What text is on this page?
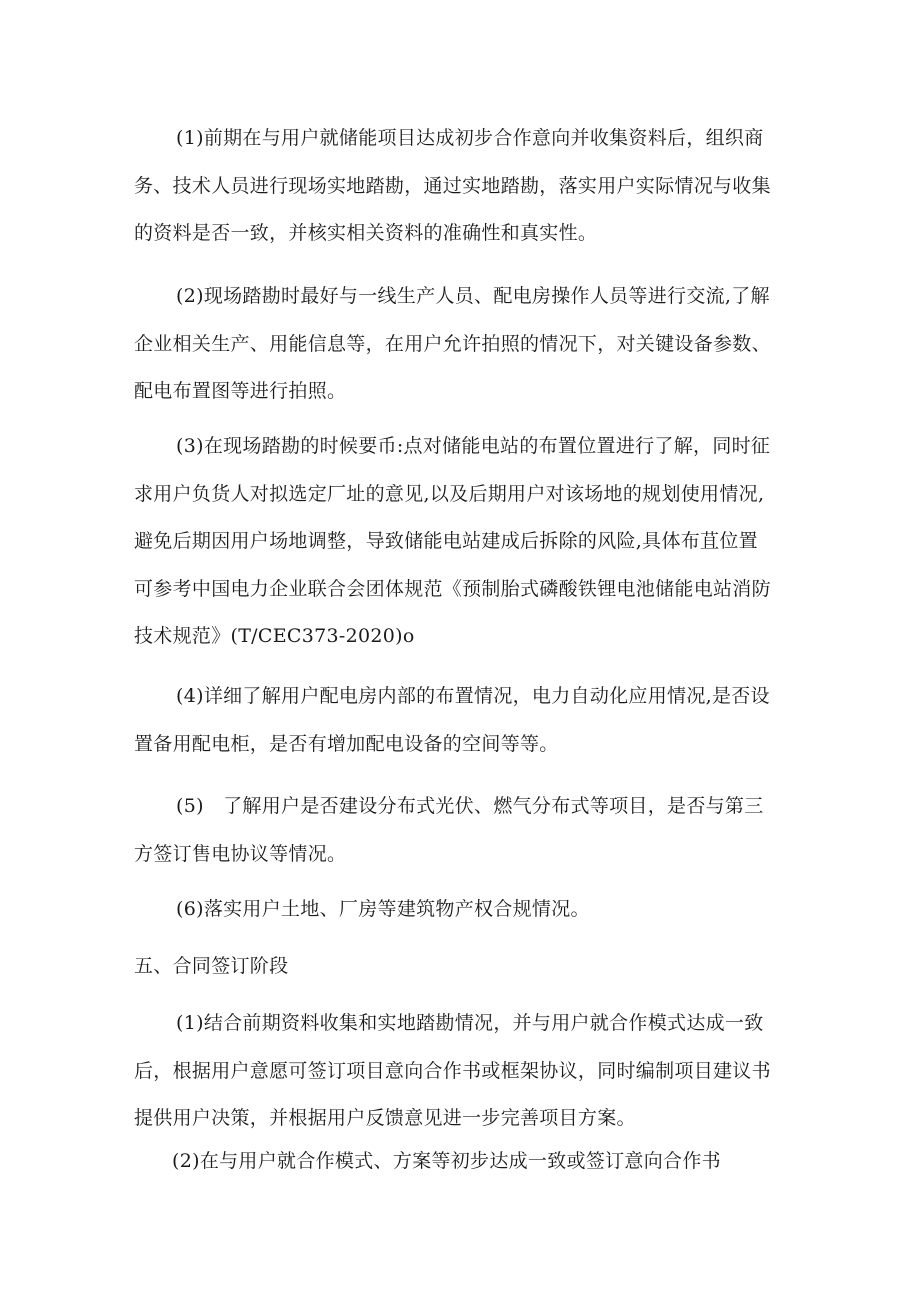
(1)前期在与用户就储能项目达成初步合作意向并收集资料后，组织商
务、技术人员进行现场实地踏勘，通过实地踏勘，落实用户实际情况与收集
的资料是否一致，并核实相关资料的准确性和真实性。

(2)现场踏勘时最好与一线生产人员、配电房操作人员等进行交流,了解
企业相关生产、用能信息等，在用户允许拍照的情况下，对关键设备参数、
配电布置图等进行拍照。

(3)在现场踏勘的时候要币:点对储能电站的布置位置进行了解，同时征
求用户负货人对拟选定厂址的意见,以及后期用户对该场地的规划使用情况,
避免后期因用户场地调整，导致储能电站建成后拆除的风险,具体布苴位置
可参考中国电力企业联合会团体规范《预制胎式磷酸铁锂电池储能电站消防
技术规范》(T/CEC373-2020)o

(4)详细了解用户配电房内部的布置情况，电力自动化应用情况,是否设
置备用配电柜，是否有增加配电设备的空间等等。

(5)　了解用户是否建设分布式光伏、燃气分布式等项目，是否与第三
方签订售电协议等情况。

(6)落实用户土地、厂房等建筑物产权合规情况。

五、合同签订阶段

(1)结合前期资料收集和实地踏勘情况，并与用户就合作模式达成一致
后，根据用户意愿可签订项目意向合作书或框架协议，同时编制项目建议书
提供用户决策，并根据用户反馈意见进一步完善项目方案。

(2)在与用户就合作模式、方案等初步达成一致或签订意向合作书
